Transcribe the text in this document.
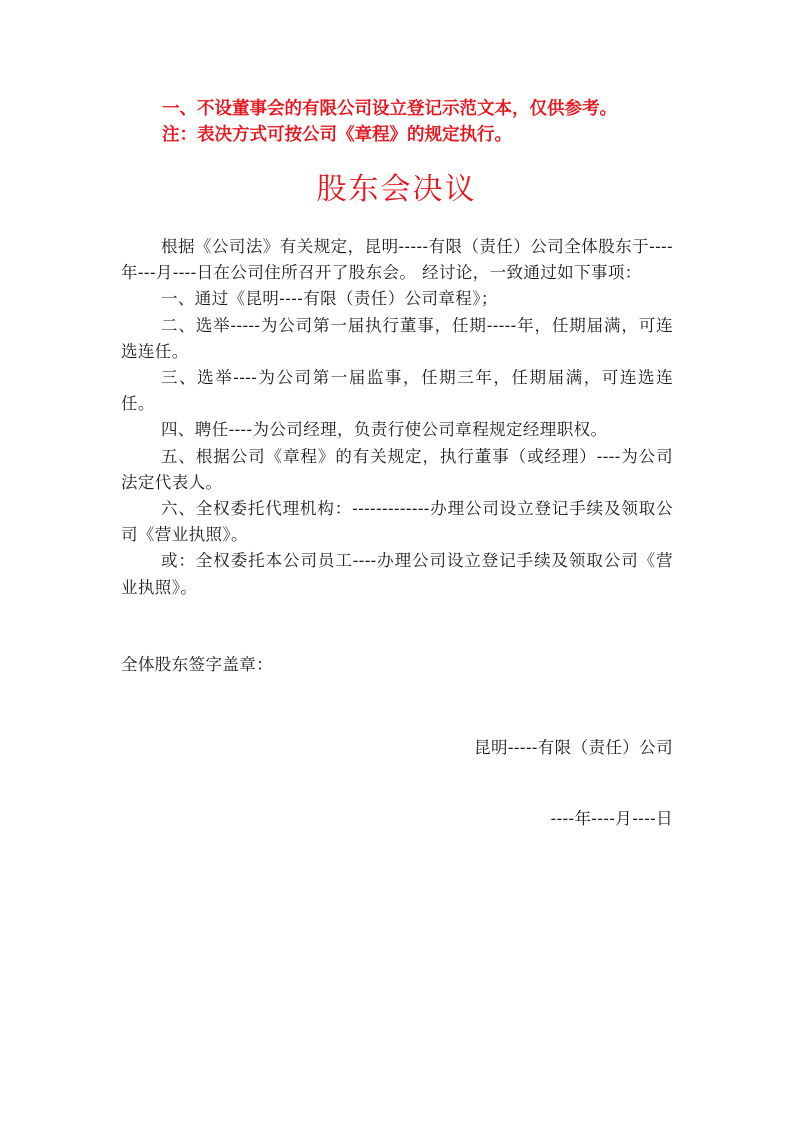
一、不设董事会的有限公司设立登记示范文本，仅供参考。
注：表决方式可按公司《章程》的规定执行。
股东会决议

根据《公司法》有关规定，昆明-----有限（责任）公司全体股东于----年---月----日在公司住所召开了股东会。 经讨论，一致通过如下事项：

一、通过《昆明----有限（责任）公司章程》；

二、选举-----为公司第一届执行董事，任期-----年，任期届满，可连选连任。

三、选举----为公司第一届监事，任期三年，任期届满，可连选连任。

四、聘任----为公司经理，负责行使公司章程规定经理职权。

五、根据公司《章程》的有关规定，执行董事（或经理）----为公司法定代表人。

六、全权委托代理机构：-------------办理公司设立登记手续及领取公司《营业执照》。

或：全权委托本公司员工----办理公司设立登记手续及领取公司《营业执照》。

全体股东签字盖章：
昆明-----有限（责任）公司
----年----月----日
